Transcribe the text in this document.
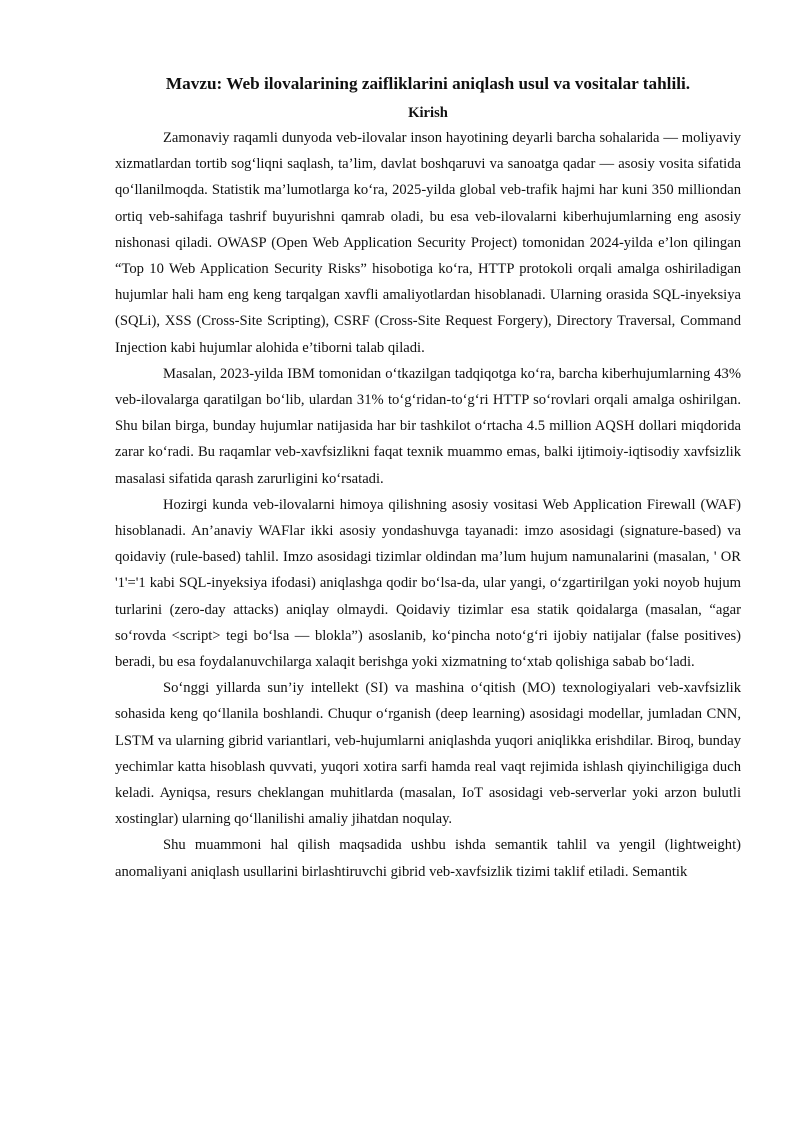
Mavzu: Web ilovalarining zaifliklarini aniqlash usul va vositalar tahlili.
Kirish

Zamonaviy raqamli dunyoda veb-ilovalar inson hayotining deyarli barcha sohalarida — moliyaviy xizmatlardan tortib sog‘liqni saqlash, ta’lim, davlat boshqaruvi va sanoatga qadar — asosiy vosita sifatida qo‘llanilmoqda. Statistik ma’lumotlarga ko‘ra, 2025-yilda global veb-trafik hajmi har kuni 350 milliondan ortiq veb-sahifaga tashrif buyurishni qamrab oladi, bu esa veb-ilovalarni kiberhujumlarning eng asosiy nishonasi qiladi. OWASP (Open Web Application Security Project) tomonidan 2024-yilda e’lon qilingan “Top 10 Web Application Security Risks” hisobotiga ko‘ra, HTTP protokoli orqali amalga oshiriladigan hujumlar hali ham eng keng tarqalgan xavfli amaliyotlardan hisoblanadi. Ularning orasida SQL-inyeksiya (SQLi), XSS (Cross-Site Scripting), CSRF (Cross-Site Request Forgery), Directory Traversal, Command Injection kabi hujumlar alohida e’tiborni talab qiladi.

Masalan, 2023-yilda IBM tomonidan o‘tkazilgan tadqiqotga ko‘ra, barcha kiberhujumlarning 43% veb-ilovalarga qaratilgan bo‘lib, ulardan 31% to‘g‘ridan-to‘g‘ri HTTP so‘rovlari orqali amalga oshirilgan. Shu bilan birga, bunday hujumlar natijasida har bir tashkilot o‘rtacha 4.5 million AQSH dollari miqdorida zarar ko‘radi. Bu raqamlar veb-xavfsizlikni faqat texnik muammo emas, balki ijtimoiy-iqtisodiy xavfsizlik masalasi sifatida qarash zarurligini ko‘rsatadi.

Hozirgi kunda veb-ilovalarni himoya qilishning asosiy vositasi Web Application Firewall (WAF) hisoblanadi. An’anaviy WAFlar ikki asosiy yondashuvga tayanadi: imzo asosidagi (signature-based) va qoidaviy (rule-based) tahlil. Imzo asosidagi tizimlar oldindan ma’lum hujum namunalarini (masalan, ' OR '1'='1 kabi SQL-inyeksiya ifodasi) aniqlashga qodir bo‘lsa-da, ular yangi, o‘zgartirilgan yoki noyob hujum turlarini (zero-day attacks) aniqlay olmaydi. Qoidaviy tizimlar esa statik qoidalarga (masalan, “agar so‘rovda <script> tegi bo‘lsa — blokla”) asoslanib, ko‘pincha noto‘g‘ri ijobiy natijalar (false positives) beradi, bu esa foydalanuvchilarga xalaqit berishga yoki xizmatning to‘xtab qolishiga sabab bo‘ladi.

So‘nggi yillarda sun’iy intellekt (SI) va mashina o‘qitish (MO) texnologiyalari veb-xavfsizlik sohasida keng qo‘llanila boshlandi. Chuqur o‘rganish (deep learning) asosidagi modellar, jumladan CNN, LSTM va ularning gibrid variantlari, veb-hujumlarni aniqlashda yuqori aniqlikka erishdilar. Biroq, bunday yechimlar katta hisoblash quvvati, yuqori xotira sarfi hamda real vaqt rejimida ishlash qiyinchiligiga duch keladi. Ayniqsa, resurs cheklangan muhitlarda (masalan, IoT asosidagi veb-serverlar yoki arzon bulutli xostinglar) ularning qo‘llanilishi amaliy jihatdan noqulay.

Shu muammoni hal qilish maqsadida ushbu ishda semantik tahlil va yengil (lightweight) anomaliyani aniqlash usullarini birlashtiruvchi gibrid veb-xavfsizlik tizimi taklif etiladi. Semantik
